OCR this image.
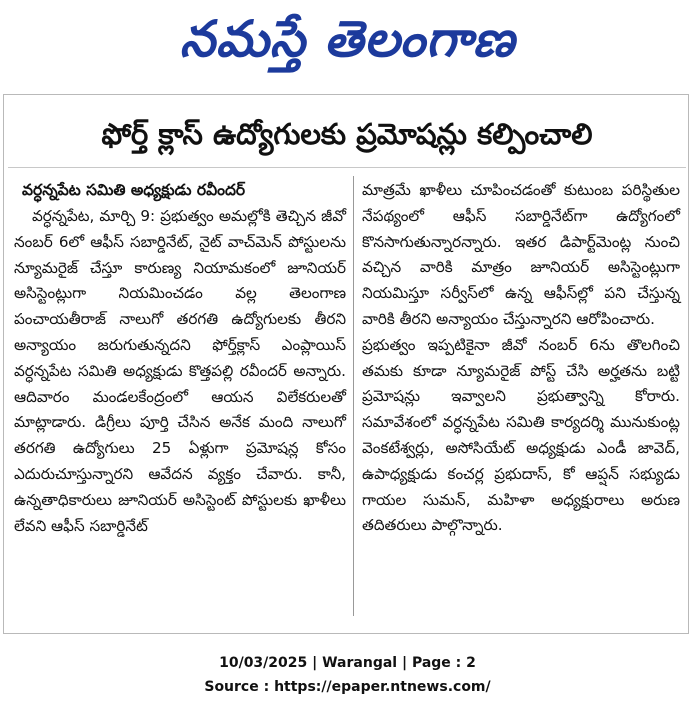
నమస్తే తెలంగాణ
ఫోర్త్ క్లాస్ ఉద్యోగులకు ప్రమోషన్లు కల్పించాలి
వర్ధన్నపేట సమితి అధ్యక్షుడు రవీందర్

వర్ధన్నపేట, మార్చి 9: ప్రభుత్వం అమల్లోకి తెచ్చిన జీవో నంబర్ 6లో ఆఫీస్ సబార్డినేట్, నైట్ వాచ్‌మెన్ పోస్టులను న్యూమరైజ్ చేస్తూ కారుణ్య నియామకంలో జూనియర్ అసిస్టెంట్లుగా నియమించడం వల్ల తెలంగాణ పంచాయతీరాజ్ నాలుగో తరగతి ఉద్యోగులకు తీరని అన్యాయం జరుగుతున్నదని ఫోర్త్‌క్లాస్ ఎంప్లాయిస్ వర్ధన్నపేట సమితి అధ్యక్షుడు కొత్తపల్లి రవీందర్ అన్నారు. ఆదివారం మండలకేంద్రంలో ఆయన విలేకరులతో మాట్లాడారు. డిగ్రీలు పూర్తి చేసిన అనేక మంది నాలుగో తరగతి ఉద్యోగులు 25 ఏళ్లుగా ప్రమోషన్ల కోసం ఎదురుచూస్తున్నారని ఆవేదన వ్యక్తం చేవారు. కానీ, ఉన్నతాధికారులు జూనియర్ అసిస్టెంట్ పోస్టులకు ఖాళీలు లేవని ఆఫీస్ సబార్డినేట్

మాత్రమే ఖాళీలు చూపించడంతో కుటుంబ పరిస్థితుల నేపథ్యంలో ఆఫీస్ సబార్డినేట్‌గా ఉద్యోగంలో కొనసాగుతున్నారన్నారు. ఇతర డిపార్ట్‌మెంట్ల నుంచి వచ్చిన వారికి మాత్రం జూనియర్ అసిస్టెంట్లుగా నియమిస్తూ సర్వీస్‌లో ఉన్న ఆఫీస్‌ల్లో పని చేస్తున్న వారికి తీరని అన్యాయం చేస్తున్నారని ఆరోపించారు.

ప్రభుత్వం ఇప్పటికైనా జీవో నంబర్ 6ను తొలగించి తమకు కూడా న్యూమరైజ్ పోస్ట్ చేసి అర్హతను బట్టి ప్రమోషన్లు ఇవ్వాలని ప్రభుత్వాన్ని కోరారు. సమావేశంలో వర్ధన్నపేట సమితి కార్యదర్శి మునుకుంట్ల వెంకటేశ్వర్లు, అసోసియేట్ అధ్యక్షుడు ఎండీ జావెద్, ఉపాధ్యక్షుడు కంచర్ల ప్రభుదాస్, కో ఆప్షన్ సభ్యుడు గాయల సుమన్, మహిళా అధ్యక్షురాలు అరుణ తదితరులు పాల్గొన్నారు.

10/03/2025 | Warangal | Page : 2
Source : https://epaper.ntnews.com/
